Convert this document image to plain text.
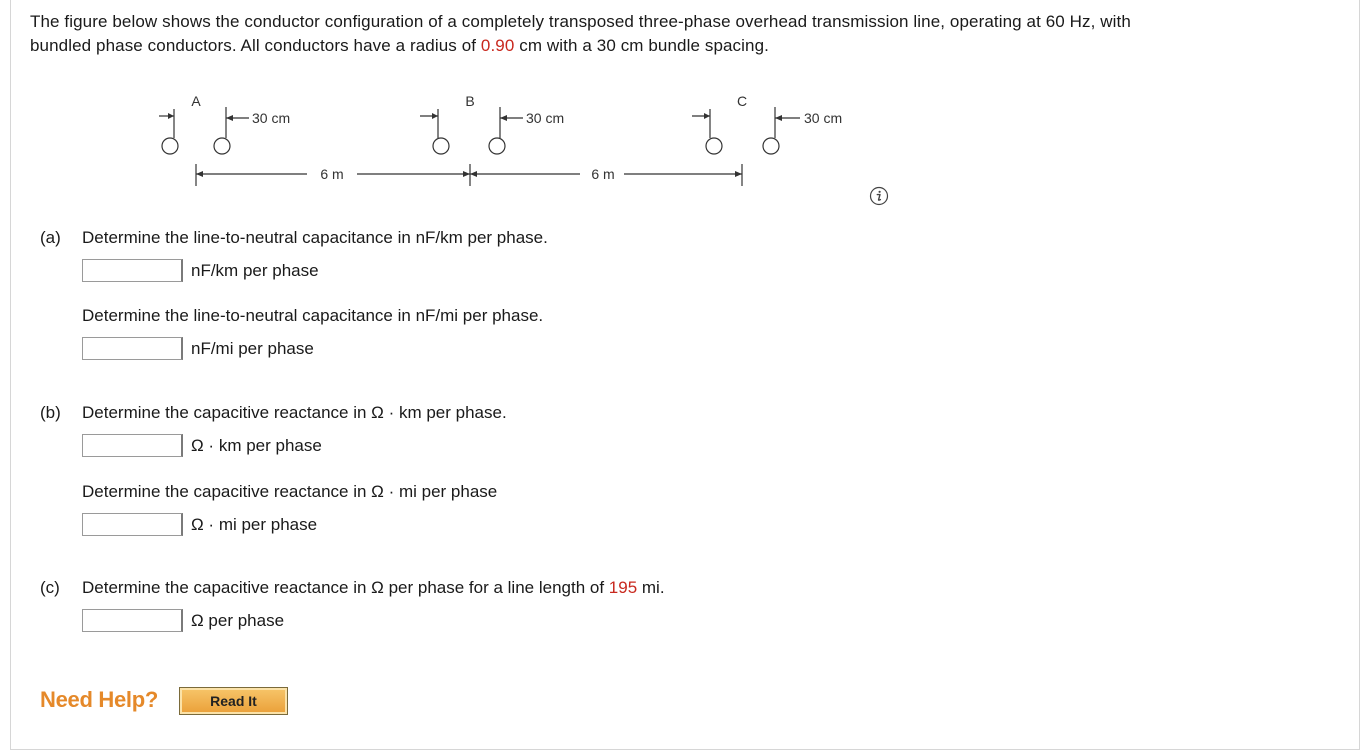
The figure below shows the conductor configuration of a completely transposed three-phase overhead transmission line, operating at 60 Hz, with
bundled phase conductors. All conductors have a radius of 0.90 cm with a 30 cm bundle spacing.
A	B	C
30 cm	30 cm	30 cm
6 m	6 m
(a) Determine the line-to-neutral capacitance in nF/km per phase.
nF/km per phase
Determine the line-to-neutral capacitance in nF/mi per phase.
nF/mi per phase
(b) Determine the capacitive reactance in Ω · km per phase.
Ω · km per phase
Determine the capacitive reactance in Ω · mi per phase
Ω · mi per phase
(c) Determine the capacitive reactance in Ω per phase for a line length of 195 mi.
Ω per phase
Need Help?	Read It
